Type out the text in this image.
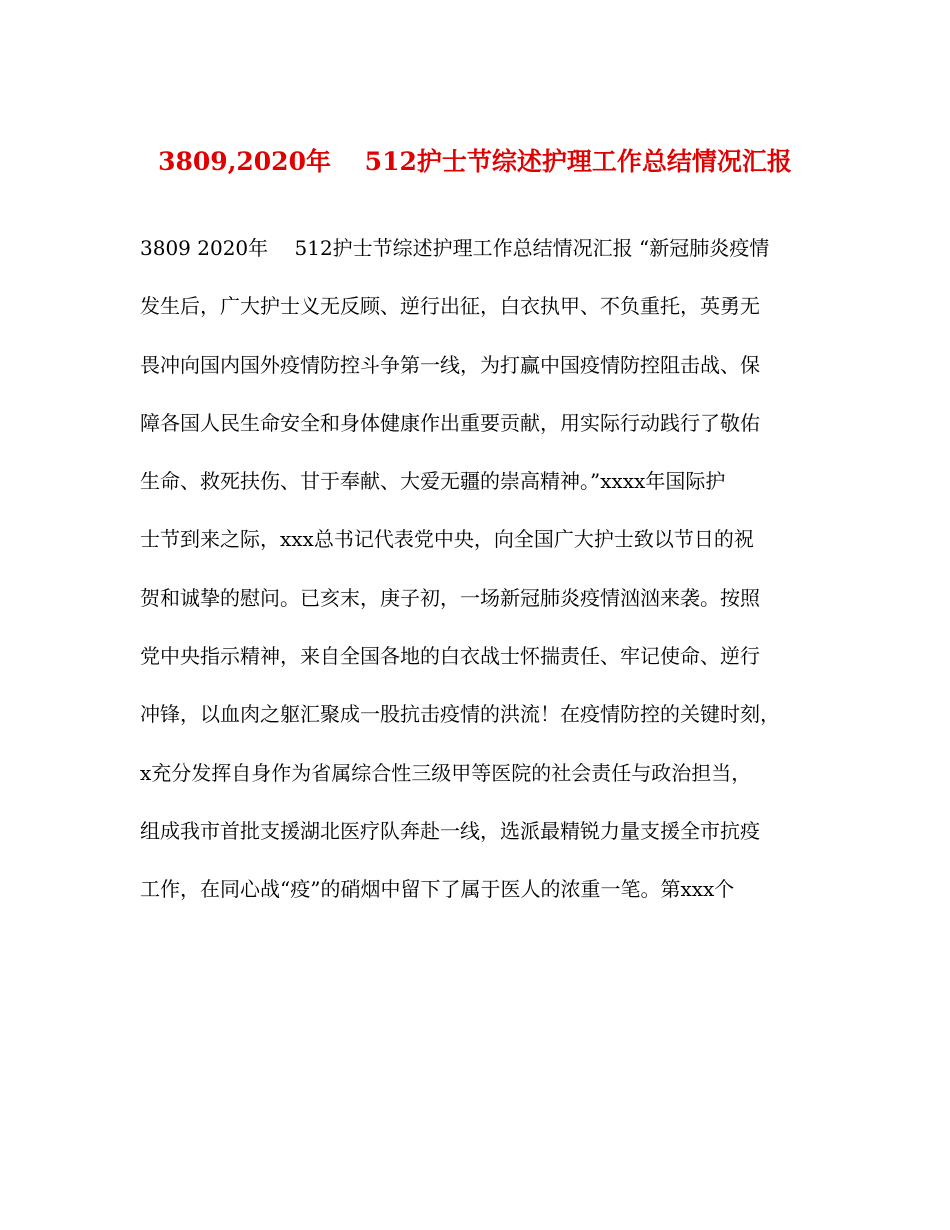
3809,2020年　 512护士节综述护理工作总结情况汇报
3809 2020年　 512护士节综述护理工作总结情况汇报 “新冠肺炎疫情
发生后，广大护士义无反顾、逆行出征，白衣执甲、不负重托，英勇无
畏冲向国内国外疫情防控斗争第一线，为打赢中国疫情防控阻击战、保
障各国人民生命安全和身体健康作出重要贡献，用实际行动践行了敬佑
生命、救死扶伤、甘于奉献、大爱无疆的崇高精神。”xxxx年国际护
士节到来之际，xxx总书记代表党中央，向全国广大护士致以节日的祝
贺和诚挚的慰问。已亥末，庚子初，一场新冠肺炎疫情汹汹来袭。按照
党中央指示精神，来自全国各地的白衣战士怀揣责任、牢记使命、逆行
冲锋，以血肉之躯汇聚成一股抗击疫情的洪流！在疫情防控的关键时刻，
x充分发挥自身作为省属综合性三级甲等医院的社会责任与政治担当，
组成我市首批支援湖北医疗队奔赴一线，选派最精锐力量支援全市抗疫
工作，在同心战“疫”的硝烟中留下了属于医人的浓重一笔。第xxx个
